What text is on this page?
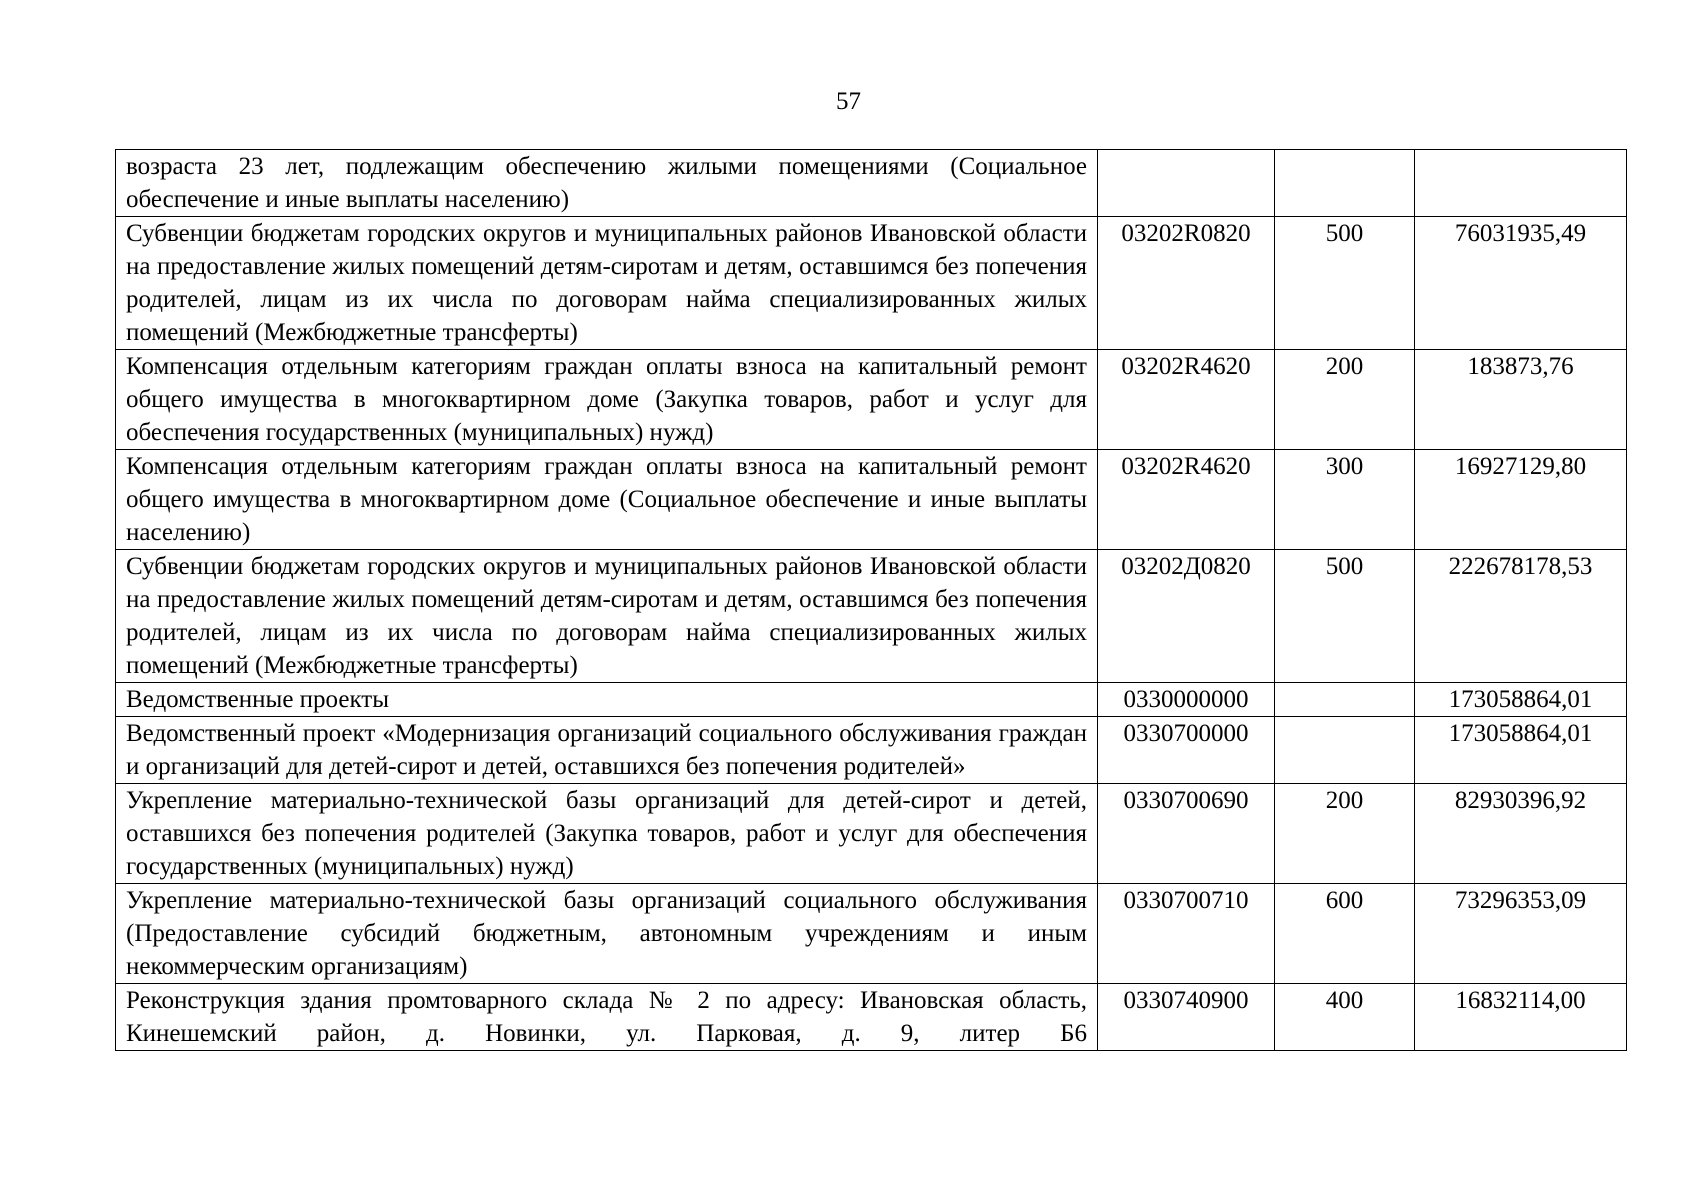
57
возраста 23 лет, подлежащим обеспечению жилыми помещениями (Социальное обеспечение и иные выплаты населению)			
Субвенции бюджетам городских округов и муниципальных районов Ивановской области на предоставление жилых помещений детям-сиротам и детям, оставшимся без попечения родителей, лицам из их числа по договорам найма специализированных жилых помещений (Межбюджетные трансферты)	03202R0820	500	76031935,49
Компенсация отдельным категориям граждан оплаты взноса на капитальный ремонт общего имущества в многоквартирном доме (Закупка товаров, работ и услуг для обеспечения государственных (муниципальных) нужд)	03202R4620	200	183873,76
Компенсация отдельным категориям граждан оплаты взноса на капитальный ремонт общего имущества в многоквартирном доме (Социальное обеспечение и иные выплаты населению)	03202R4620	300	16927129,80
Субвенции бюджетам городских округов и муниципальных районов Ивановской области на предоставление жилых помещений детям-сиротам и детям, оставшимся без попечения родителей, лицам из их числа по договорам найма специализированных жилых помещений (Межбюджетные трансферты)	03202Д0820	500	222678178,53
Ведомственные проекты	0330000000		173058864,01
Ведомственный проект «Модернизация организаций социального обслуживания граждан и организаций для детей-сирот и детей, оставшихся без попечения родителей»	0330700000		173058864,01
Укрепление материально-технической базы организаций для детей-сирот и детей, оставшихся без попечения родителей (Закупка товаров, работ и услуг для обеспечения государственных (муниципальных) нужд)	0330700690	200	82930396,92
Укрепление материально-технической базы организаций социального обслуживания (Предоставление субсидий бюджетным, автономным учреждениям и иным некоммерческим организациям)	0330700710	600	73296353,09
Реконструкция здания промтоварного склада № 2 по адресу: Ивановская область, Кинешемский район, д. Новинки, ул. Парковая, д. 9, литер Б6	0330740900	400	16832114,00
